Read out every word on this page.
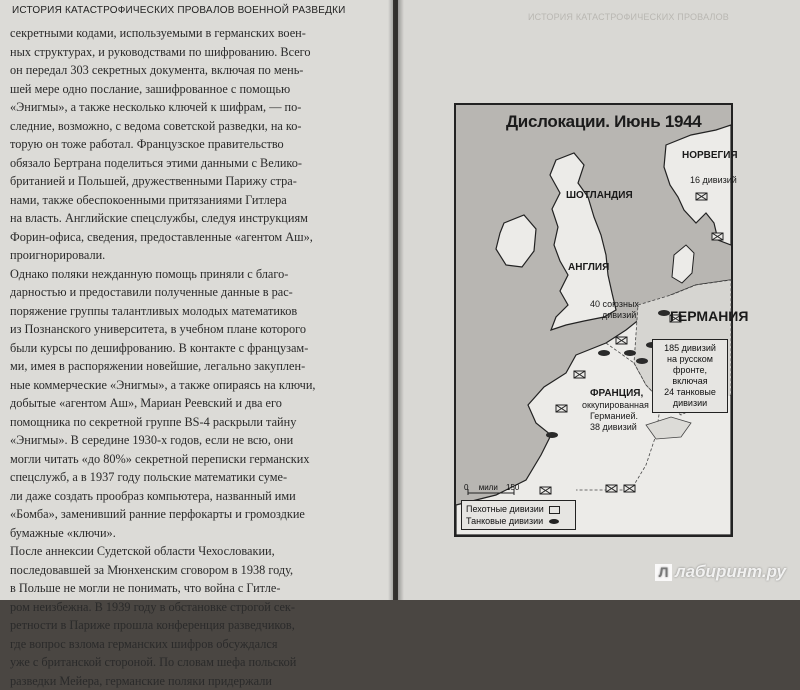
ИСТОРИЯ КАТАСТРОФИЧЕСКИХ ПРОВАЛОВ ВОЕННОЙ РАЗВЕДКИ
ИСТОРИЯ КАТАСТРОФИЧЕСКИХ ПРОВАЛОВ
секретными кодами, используемыми в германских воен-
ных структурах, и руководствами по шифрованию. Всего
он передал 303 секретных документа, включая по мень-
шей мере одно послание, зашифрованное с помощью
«Энигмы», а также несколько ключей к шифрам, — по-
следние, возможно, с ведома советской разведки, на ко-
торую он тоже работал. Французское правительство
обязало Бертрана поделиться этими данными с Велико-
британией и Польшей, дружественными Парижу стра-
нами, также обеспокоенными притязаниями Гитлера
на власть. Английские спецслужбы, следуя инструкциям
Форин-офиса, сведения, предоставленные «агентом Аш»,
проигнорировали.
Однако поляки нежданную помощь приняли с благо-
дарностью и предоставили полученные данные в рас-
поряжение группы талантливых молодых математиков
из Познанского университета, в учебном плане которого
были курсы по дешифрованию. В контакте с французам-
ми, имея в распоряжении новейшие, легально закуплен-
ные коммерческие «Энигмы», а также опираясь на ключи,
добытые «агентом Аш», Мариан Реевский и два его
помощника по секретной группе BS-4 раскрыли тайну
«Энигмы». В середине 1930-х годов, если не всю, они
могли читать «до 80%» секретной переписки германских
спецслужб, а в 1937 году польские математики суме-
ли даже создать прообраз компьютера, названный ими
«Бомба», заменивший ранние перфокарты и громоздкие
бумажные «ключи».
После аннексии Судетской области Чехословакии,
последовавшей за Мюнхенским сговором в 1938 году,
в Польше не могли не понимать, что война с Гитле-
ром неизбежна. В 1939 году в обстановке строгой сек-
ретности в Париже прошла конференция разведчиков,
где вопрос взлома германских шифров обсуждался
уже с британской стороной. По словам шефа польской
разведки Мейера, германские поляки придержали
Дислокации. Июнь 1944
НОРВЕГИЯ
16 дивизий
ШОТЛАНДИЯ
АНГЛИЯ
40 союзных
дивизий ГЕРМАНИЯ
ФРАНЦИЯ,
оккупированная
Германией.
38 дивизий
185 дивизий
на русском
фронте,
включая
24 танковые
дивизии
0 мили 150
Пехотные дивизии
Танковые дивизии
Л лабиринт.ру
